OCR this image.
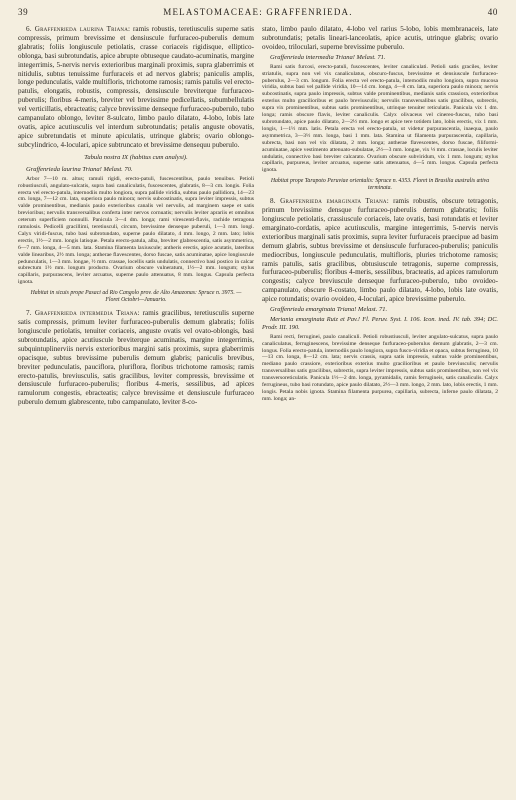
39	MELASTOMACEAE: GRAFFENRIEDA.	40

6. Graffenrieda laurina Triana: ramis robustis, teretiusculis superne satis compressis, primum brevissime et densiuscule furfuraceo-puberulis demum glabratis; foliis longiuscule petiolatis, crasse coriaceis rigidisque, elliptico-oblonga, basi subrotundatis, apice abrupte obtuseque caudato-acuminatis, margine integerrimis, 5-nervis nervis exterioribus marginali proximis, supra glaberrimis et nitidulis, subtus tenuissime furfuraceis et ad nervos glabris; paniculis amplis, longe pedunculatis, valde multifloris, trichotome ramosis; ramis patulis vel erecto-patulis, elongatis, robustis, compressis, densiuscule breviterque furfuraceo-puberulis; floribus 4-meris, breviter vel brevissime pedicellatis, subumbellulatis vel verticillatis, ebracteatis; calyce brevissime denseque furfuraceo-puberulo, tubo campanulato oblongo, leviter 8-sulcato, limbo paulo dilatato, 4-lobo, lobis late ovatis, apice acutiusculis vel interdum subrotundatis; petalis anguste obovatis, apice subretundatis et minute apiculatis, utrinque glabris; ovario oblongo-subcylindrico, 4-loculari, apice subtruncato et brevissime densequu puberulo.

Tabula nostra IX (habitus cum analysi).

Graffenrieda laurina Triana! Melast. 70.

Arbor 7—10 m. altus; ramuli rigidi, erecto-patuli, fuscescentibus, paulo tenuibus. Petioli robustiusculi, angulato-sulcatis, supra basi canaliculatis, fuscescentes, glabratis, 8—3 cm. longis. Folia erecta vel erecto-patula, internodiis multo longiora, supra pallide viridia, subtus paulo pallidiora, 14—23 cm. longa, 7—12 cm. lata, superiora paulo minora; nervis subcostinatis, supra leviter impressis, subtus valde prominentibus, medianis paulo exterioribus canalis vel nervulis, ad marginem saepe et satis brevioribus; nervulis transversalibus conferta inter nervos cornuatis; nervulis leviter aprariis et omnibus ceterum superficiem nonnulli. Panicula 3—4 dm. longa; rami virescenti-flavis, rachide tetragona ramulosis. Pedicelli gracillimi, teretiusculi, circum, brevissime denseque puberuli, 1—3 mm. longi. Calyx viridi-fuscus, tubo basi subrotundato, superne paulo dilatato, 4 mm. longo, 2 mm. lato; lobis erectis, 1½—2 mm. longis latisque. Petala erecto-patula, alba, breviter glabrescentia, satis asymmetrica, 6—7 mm. longa, 4—5 mm. lata. Stamina filamenta laxiuscule; antheris erectis, apice acutatis, lateribus valde linearibus, 2½ mm. longa; antherae flavescentes, dorso fuscae, satis acuminatae, apice longiuscule pedunculatis, 1—3 mm. longae, ½ mm. crassae, locellis satis undulatis, connectivo basi postico in calcar subrectum 1½ mm. longum producto. Ovarium obscure vulneratum, 1½—2 mm. longum; stylus capillaris, purpurascens, leviter arcuatus, superne paulo attenuatus, 8 mm. longus. Capsula perfecta ignota.

Habitat in sicuis prope Pasaci ad Rio Cangolo prov. de Alto Amazonas: Spruce n. 3975. — Floret Octobri—Januario.

7. Graffenrieda intermedia Triana: ramis gracilibus, teretiusculis superne satis compressis, primum leviter furfuraceo-puberulis demum glabratis; foliis longiuscule petiolatis, tenuiter coriaceis, anguste ovatis vel ovato-oblongis, basi subrotundatis, apice acutiuscule breviterque acuminatis, margine integerrimis, subquintuplinerviis nervis exterioribus margini satis proximis, supra glaberrimis opacisque, subtus brevissime puberulis demum glabris; paniculis brevibus, breviter pedunculatis, pauciflora, pluriflora, floribus trichotome ramosis; ramis erecto-patulis, breviusculis, satis gracilibus, leviter compressis, brevissime et densiuscule furfuraceo-puberulis; floribus 4-meris, sessilibus, ad apices ramulorum congestis, ebracteatis; calyce brevissime et densiuscule furfuraceo puberulo demum glabrescente, tubo campanulato, leviter 8-co-

stato, limbo paulo dilatato, 4-lobo vel rarius 5-lobo, lobis membranaceis, late subrotundatis; petalis lineari-lanceolatis, apice acutis, utrinque glabris; ovario ovoideo, triloculari, superne brevissime puberulo.

Graffenrieda intermedia Triana! Melast. 71.

Rami satis furcosi, erecto-patuli, fuscescentes, leviter canaliculati. Petioli satis graciles, leviter striatulis, supra non vel vix canaliculatus, obscuro-fuscus, brevissime et densiuscule furfuraceo-puberulus, 2—3 cm. longum. Folia erecta vel erecto-patula, internodiis multo longiora, supra mucosa viridia, subtus basi vel pallide viridia, 10—14 cm. longa, 4—8 cm. lata, superiora paulo minora; nervis subcostinatis, supra paulo impressis, subtus valde prominentibus, medianis satis crassiora, exterioribus exterius multo gracilioribus et paulo breviusculis; nervulis transversalibus satis gracilibus, subrectis, supra vix prominentibus, subtus satis prominentibus, utrinque tenuiter reticulatis. Panicula vix 1 dm. longa; ramis obscure flavis, leviter canaliculis. Calyx olivaceus vel cinereo-fuscus, tubo basi subrotundato, apice paulo dilatato, 2—2½ mm. longo et apice tere totidem lato, lobis erectis, vix 1 mm. longis, 1—1½ mm. latis. Petala erecta vel erecto-patula, ut videtur purpurascentia, inaequa, paulo asymmetrica, 3—3½ mm. longa, basi 1 mm. lata. Stamina ut filamenta purpurascentia, capillaria, subrecta, basi non vel vix dilatata, 2 mm. longa; antherae flavescentes, dorso fuscae, filiformi-acuminatae, apice vestimento attenuato-subulatae, 2½—3 mm. longae, vix ⅓ mm. crassae, loculis leviter undulatis, connectivo basi breviter calcarato. Ovarium obscure subviridum, vix 1 mm. longum; stylus capillaris, purpureus, leviter arcuatus, superne satis attenuatus, 4—5 mm. longus. Capsula perfecta ignota.

Habitat prope Tarapoto Peruviae orientalis: Spruce n. 4353. Floret in Brasilia australis ætiva terminata.

8. Graffenrieda emarginata Triana: ramis robustis, obscure tetragonis, primum brevissime densque furfuraceo-puberulis demum glabratis; foliis longiuscule petiolatis, crassiuscule coriaceis, late ovatis, basi rotundatis et leviter emarginato-cordatis, apice acutiusculis, margine integerrimis, 5-nervis nervis exterioribus marginali satis proximis, supra leviter furfuraceis praecipue ad basim demum glabris, subtus brevissime et densiuscule furfuraceo-puberulis; paniculis mediocribus, longiuscule pedunculatis, multifloris, pluries trichotome ramosis; ramis patulis, satis gracilibus, obtusiuscule tetragonis, superne compressis, furfuraceo-puberulis; floribus 4-meris, sessilibus, bracteatis, ad apices ramulorum congestis; calyce breviuscule denseque furfuraceo-puberulo, tubo ovoideo-campanulato, obscure 8-costato, limbo paulo dilatato, 4-lobo, lobis late ovatis, apice rotundatis; ovario ovoideo, 4-loculari, apice brevissime puberulo.

Graffenrieda emarginata Triana! Melast. 71.

Meriania emarginata Ruiz et Pav.! Fl. Peruv. Syst. I. 106. Icon. ined. IV. tab. 394; DC. Prodr. III. 190.

Rami recti, ferruginei, paulo canaliculi. Petioli robustiusculi, leviter angulato-sulcatus, supra paulo canaliculatus, ferruginescens, brevissime denseque furfuraceo-puberulus demum glabratis, 2—3 cm. longus. Folia erecto-patula, internodiis paulo longiora, supra fusco-viridia et opaca, subtus ferruginea, 10—13 cm. longa, 8—12 cm. lata; nervis crassis, supra satis impressis, subtus valde prominentibus, mediano paulo crassiore, exterioribus exterius multo gracilioribus et paulo breviusculis; nervulis transversalibus satis gracilibus, subrectis, supra leviter impressis, subtus satis prominentibus, non vel vix transversoreticulatis. Panicula 1½—2 dm. longa, pyramidalis, ramis ferrugineis, satis canaliculis. Calyx ferrugineus, tubo basi rotundato, apice paulo dilatato, 2½—3 mm. longo, 2 mm. lato, lobis erectis, 1 mm. longis. Petala nobis ignota. Stamina filamenta purpurea, capillaria, subrecta, inferne paulo dilatata, 2 mm. longa; an-
